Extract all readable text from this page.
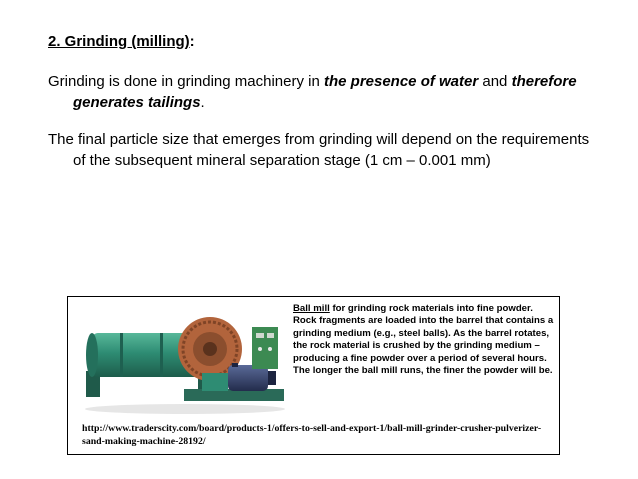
2. Grinding (milling):
Grinding is done in grinding machinery in the presence of water and therefore generates tailings.
The final particle size that emerges from grinding will depend on the requirements of the subsequent mineral separation stage (1 cm – 0.001 mm)
Ball mill for grinding rock materials into fine powder. Rock fragments are loaded into the barrel that contains a grinding medium (e.g., steel balls). As the barrel rotates, the rock material is crushed by the grinding medium – producing a fine powder over a period of several hours. The longer the ball mill runs, the finer the powder will be.
http://www.traderscity.com/board/products-1/offers-to-sell-and-export-1/ball-mill-grinder-crusher-pulverizer-sand-making-machine-28192/
